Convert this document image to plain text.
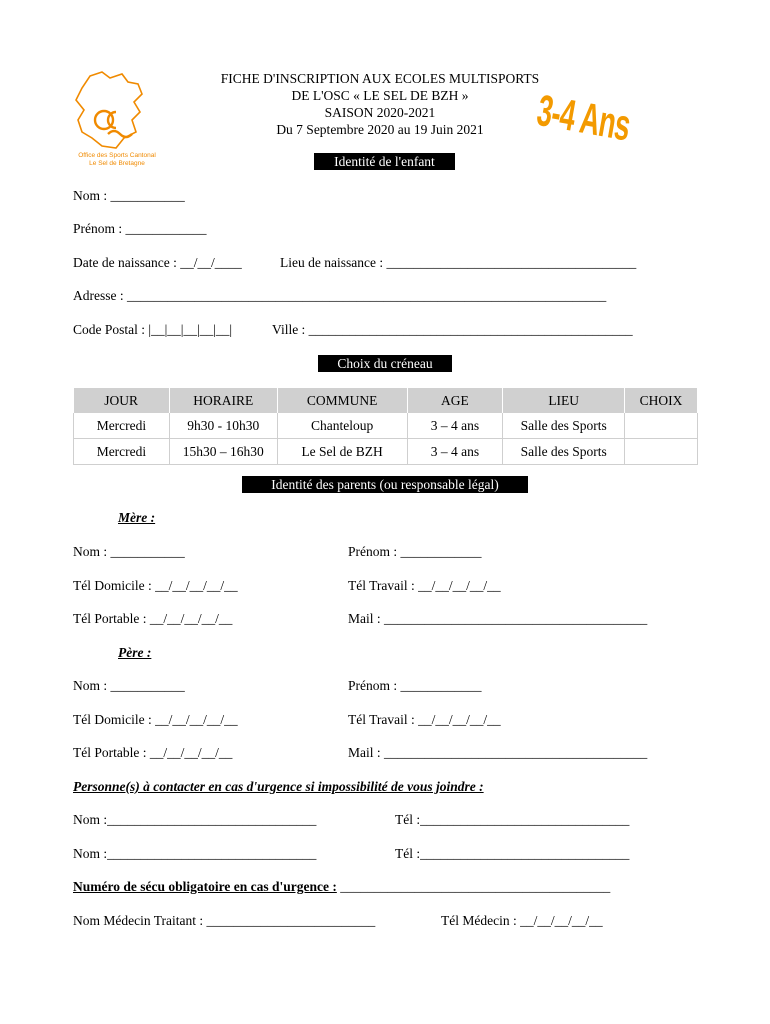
Office des Sports Cantonal
Le Sel de Bretagne
FICHE D'INSCRIPTION AUX ECOLES MULTISPORTS
DE L'OSC « LE SEL DE BZH »
SAISON 2020-2021
Du 7 Septembre 2020 au 19 Juin 2021	3-4 Ans
Identité de l'enfant
Nom : ___________
Prénom : ____________
Date de naissance : __/__/____	Lieu de naissance : _____________________________________
Adresse : _______________________________________________________________________
Code Postal : |__|__|__|__|__|	Ville : ________________________________________________
Choix du créneau
JOUR	HORAIRE	COMMUNE	AGE	LIEU	CHOIX
Mercredi	9h30 - 10h30	Chanteloup	3 – 4 ans	Salle des Sports	
Mercredi	15h30 – 16h30	Le Sel de BZH	3 – 4 ans	Salle des Sports	
Identité des parents (ou responsable légal)
Mère :
Nom : ___________	Prénom : ____________
Tél Domicile : __/__/__/__/__	Tél Travail : __/__/__/__/__
Tél Portable : __/__/__/__/__	Mail : _______________________________________
Père :
Nom : ___________	Prénom : ____________
Tél Domicile : __/__/__/__/__	Tél Travail : __/__/__/__/__
Tél Portable : __/__/__/__/__	Mail : _______________________________________
Personne(s) à contacter en cas d'urgence si impossibilité de vous joindre :
Nom :_______________________________	Tél :_______________________________
Nom :_______________________________	Tél :_______________________________
Numéro de sécu obligatoire en cas d'urgence : ________________________________________
Nom Médecin Traitant : _________________________	Tél Médecin : __/__/__/__/__
